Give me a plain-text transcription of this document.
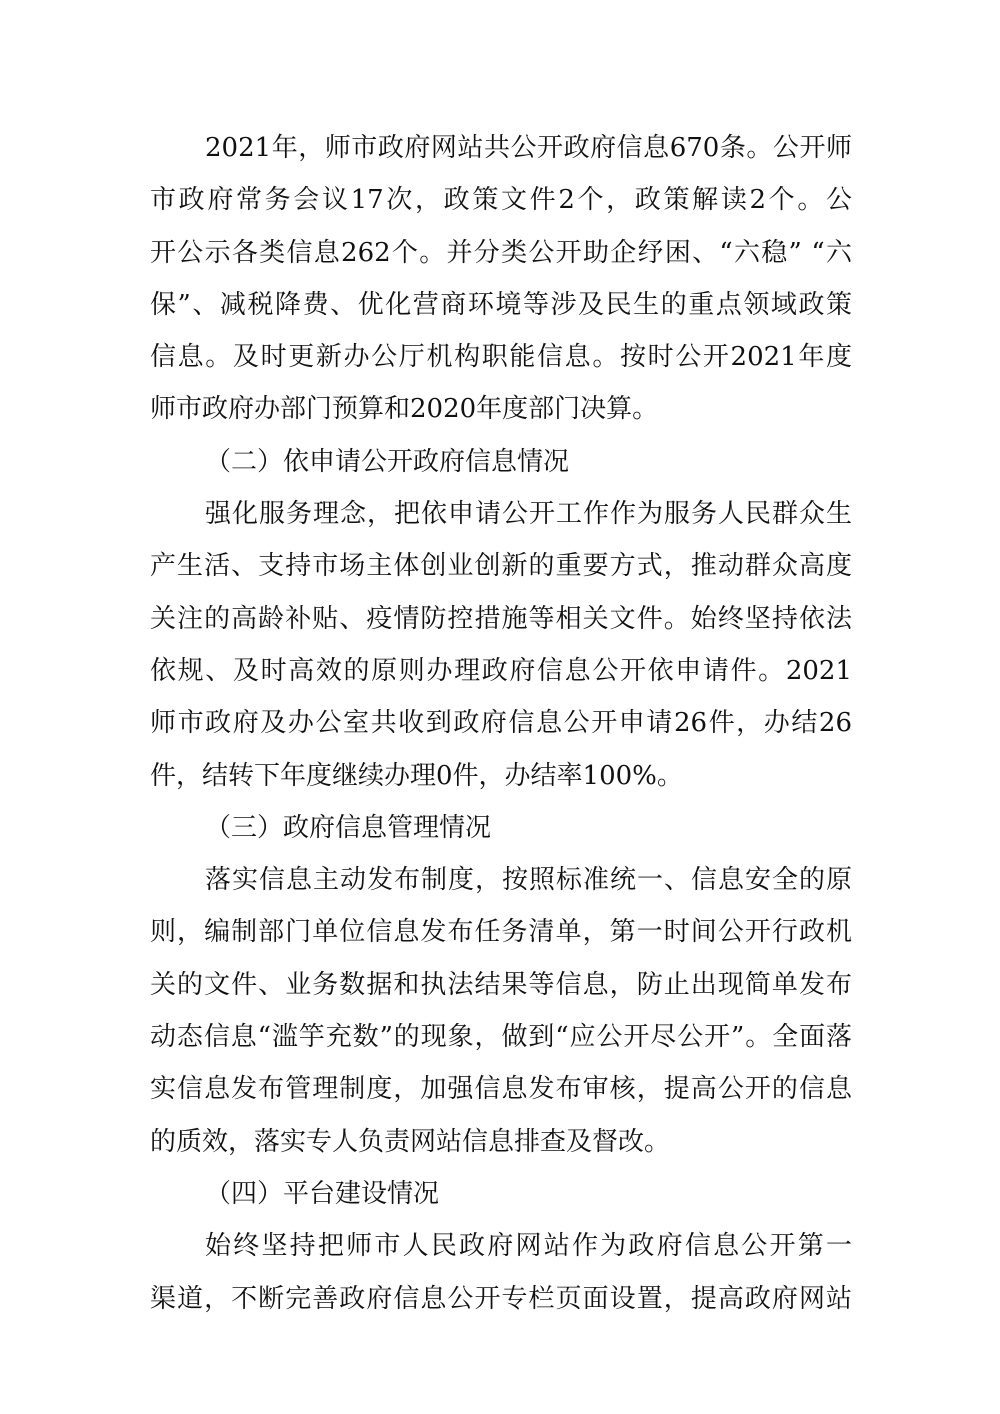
2021年，师市政府网站共公开政府信息670条。公开师
市政府常务会议17次，政策文件2个，政策解读2个。公
开公示各类信息262个。并分类公开助企纾困、“六稳” “六
保”、减税降费、优化营商环境等涉及民生的重点领域政策
信息。及时更新办公厅机构职能信息。按时公开2021年度
师市政府办部门预算和2020年度部门决算。
（二）依申请公开政府信息情况
强化服务理念，把依申请公开工作作为服务人民群众生
产生活、支持市场主体创业创新的重要方式，推动群众高度
关注的高龄补贴、疫情防控措施等相关文件。始终坚持依法
依规、及时高效的原则办理政府信息公开依申请件。2021
师市政府及办公室共收到政府信息公开申请26件，办结26
件，结转下年度继续办理0件，办结率100%。
（三）政府信息管理情况
落实信息主动发布制度，按照标准统一、信息安全的原
则，编制部门单位信息发布任务清单，第一时间公开行政机
关的文件、业务数据和执法结果等信息，防止出现简单发布
动态信息“滥竽充数”的现象，做到“应公开尽公开”。全面落
实信息发布管理制度，加强信息发布审核，提高公开的信息
的质效，落实专人负责网站信息排查及督改。
（四）平台建设情况
始终坚持把师市人民政府网站作为政府信息公开第一
渠道，不断完善政府信息公开专栏页面设置，提高政府网站
